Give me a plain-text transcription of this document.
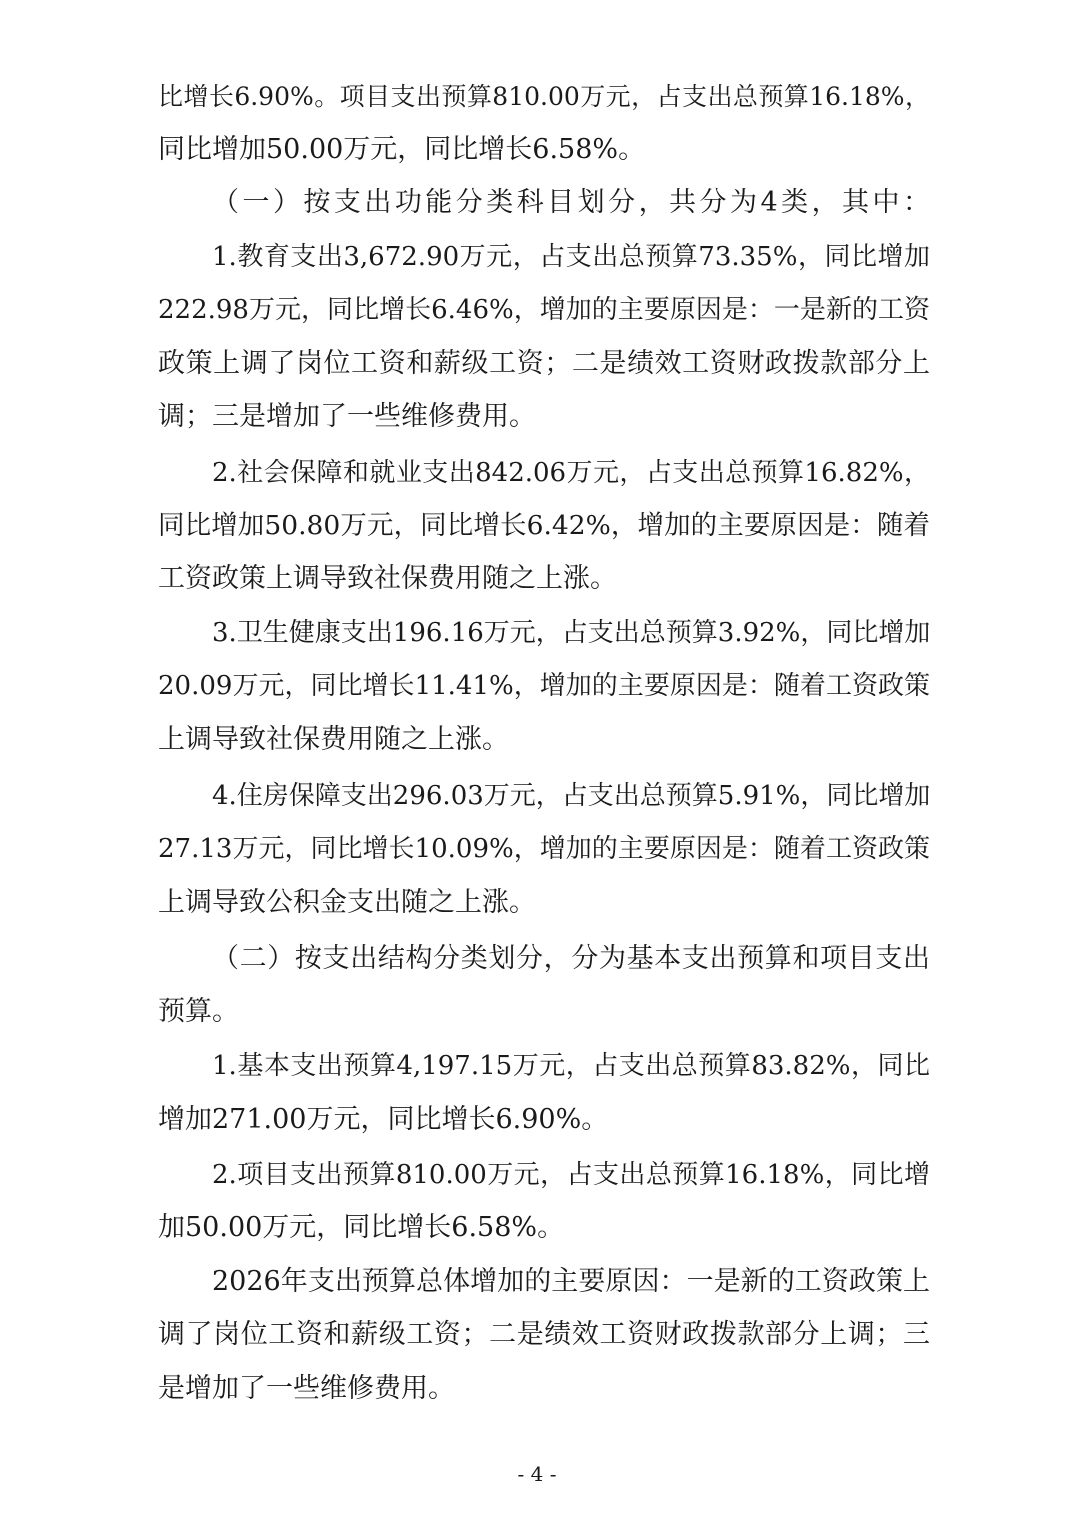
比增长6.90%。项目支出预算810.00万元，占支出总预算16.18%，
同比增加50.00万元，同比增长6.58%。
（一）按支出功能分类科目划分，共分为4类，其中：
1.教育支出3,672.90万元，占支出总预算73.35%，同比增加
222.98万元，同比增长6.46%，增加的主要原因是：一是新的工资
政策上调了岗位工资和薪级工资；二是绩效工资财政拨款部分上
调；三是增加了一些维修费用。
2.社会保障和就业支出842.06万元，占支出总预算16.82%，
同比增加50.80万元，同比增长6.42%，增加的主要原因是：随着
工资政策上调导致社保费用随之上涨。
3.卫生健康支出196.16万元，占支出总预算3.92%，同比增加
20.09万元，同比增长11.41%，增加的主要原因是：随着工资政策
上调导致社保费用随之上涨。
4.住房保障支出296.03万元，占支出总预算5.91%，同比增加
27.13万元，同比增长10.09%，增加的主要原因是：随着工资政策
上调导致公积金支出随之上涨。
（二）按支出结构分类划分，分为基本支出预算和项目支出
预算。
1.基本支出预算4,197.15万元，占支出总预算83.82%，同比
增加271.00万元，同比增长6.90%。
2.项目支出预算810.00万元，占支出总预算16.18%，同比增
加50.00万元，同比增长6.58%。
2026年支出预算总体增加的主要原因：一是新的工资政策上
调了岗位工资和薪级工资；二是绩效工资财政拨款部分上调；三
是增加了一些维修费用。
- 4 -
